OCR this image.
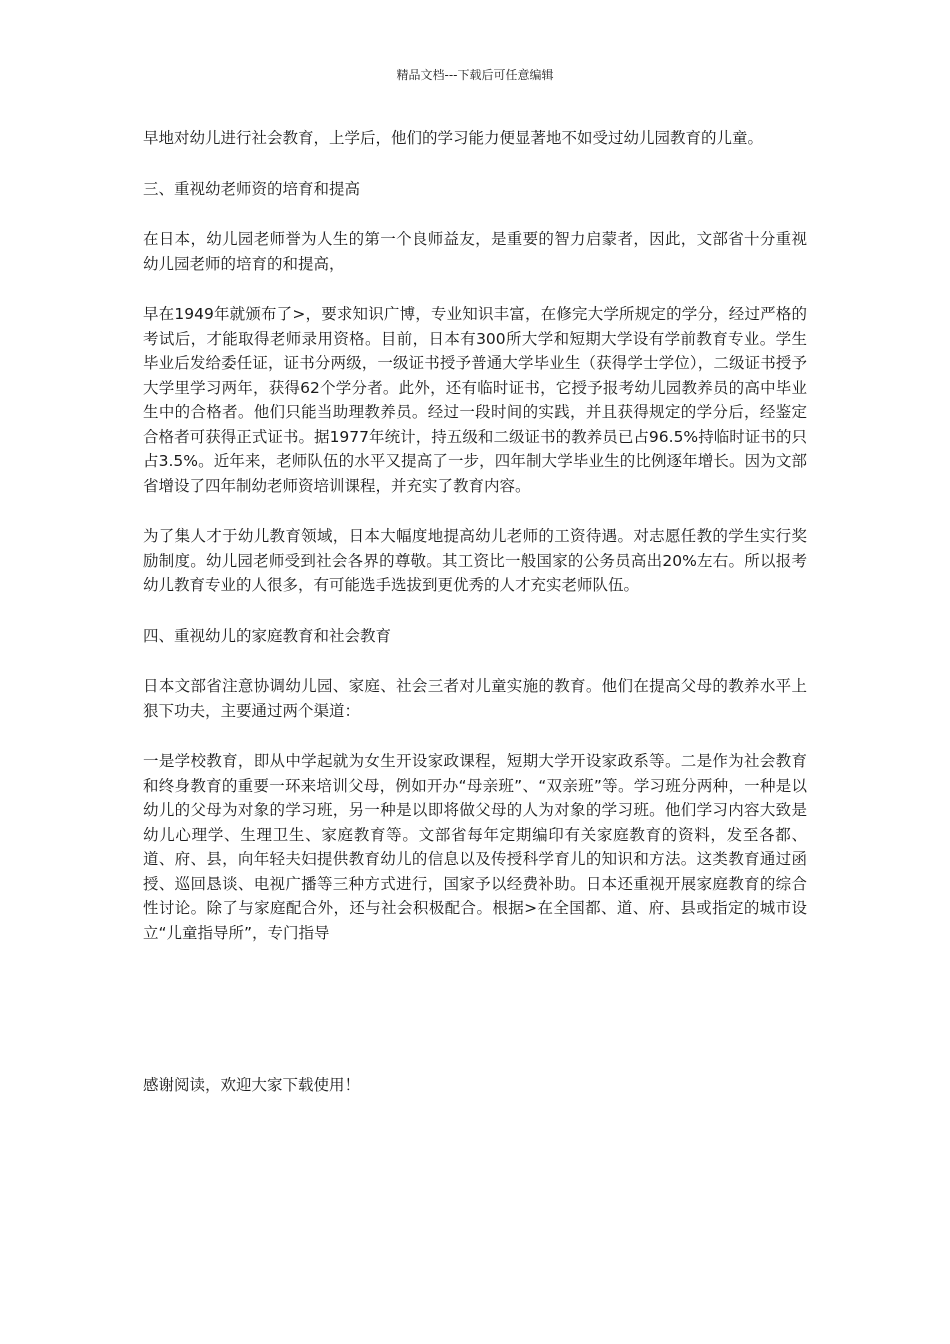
精品文档---下载后可任意编辑

早地对幼儿进行社会教育，上学后，他们的学习能力便显著地不如受过幼儿园教育的儿童。

三、重视幼老师资的培育和提高

在日本，幼儿园老师誉为人生的第一个良师益友，是重要的智力启蒙者，因此，文部省十分重视幼儿园老师的培育的和提高，

早在1949年就颁布了>，要求知识广博，专业知识丰富，在修完大学所规定的学分，经过严格的考试后，才能取得老师录用资格。目前，日本有300所大学和短期大学设有学前教育专业。学生毕业后发给委任证，证书分两级，一级证书授予普通大学毕业生（获得学士学位），二级证书授予大学里学习两年，获得62个学分者。此外，还有临时证书，它授予报考幼儿园教养员的高中毕业生中的合格者。他们只能当助理教养员。经过一段时间的实践，并且获得规定的学分后，经鉴定合格者可获得正式证书。据1977年统计，持五级和二级证书的教养员已占96.5%持临时证书的只占3.5%。近年来，老师队伍的水平又提高了一步，四年制大学毕业生的比例逐年增长。因为文部省增设了四年制幼老师资培训课程，并充实了教育内容。

为了集人才于幼儿教育领域，日本大幅度地提高幼儿老师的工资待遇。对志愿任教的学生实行奖励制度。幼儿园老师受到社会各界的尊敬。其工资比一般国家的公务员高出20%左右。所以报考幼儿教育专业的人很多，有可能选手选拔到更优秀的人才充实老师队伍。

四、重视幼儿的家庭教育和社会教育

日本文部省注意协调幼儿园、家庭、社会三者对儿童实施的教育。他们在提高父母的教养水平上狠下功夫，主要通过两个渠道：

一是学校教育，即从中学起就为女生开设家政课程，短期大学开设家政系等。二是作为社会教育和终身教育的重要一环来培训父母，例如开办“母亲班”、“双亲班”等。学习班分两种，一种是以幼儿的父母为对象的学习班，另一种是以即将做父母的人为对象的学习班。他们学习内容大致是幼儿心理学、生理卫生、家庭教育等。文部省每年定期编印有关家庭教育的资料，发至各都、道、府、县，向年轻夫妇提供教育幼儿的信息以及传授科学育儿的知识和方法。这类教育通过函授、巡回恳谈、电视广播等三种方式进行，国家予以经费补助。日本还重视开展家庭教育的综合性讨论。除了与家庭配合外，还与社会积极配合。根据>在全国都、道、府、县或指定的城市设立“儿童指导所”，专门指导

感谢阅读，欢迎大家下载使用！
